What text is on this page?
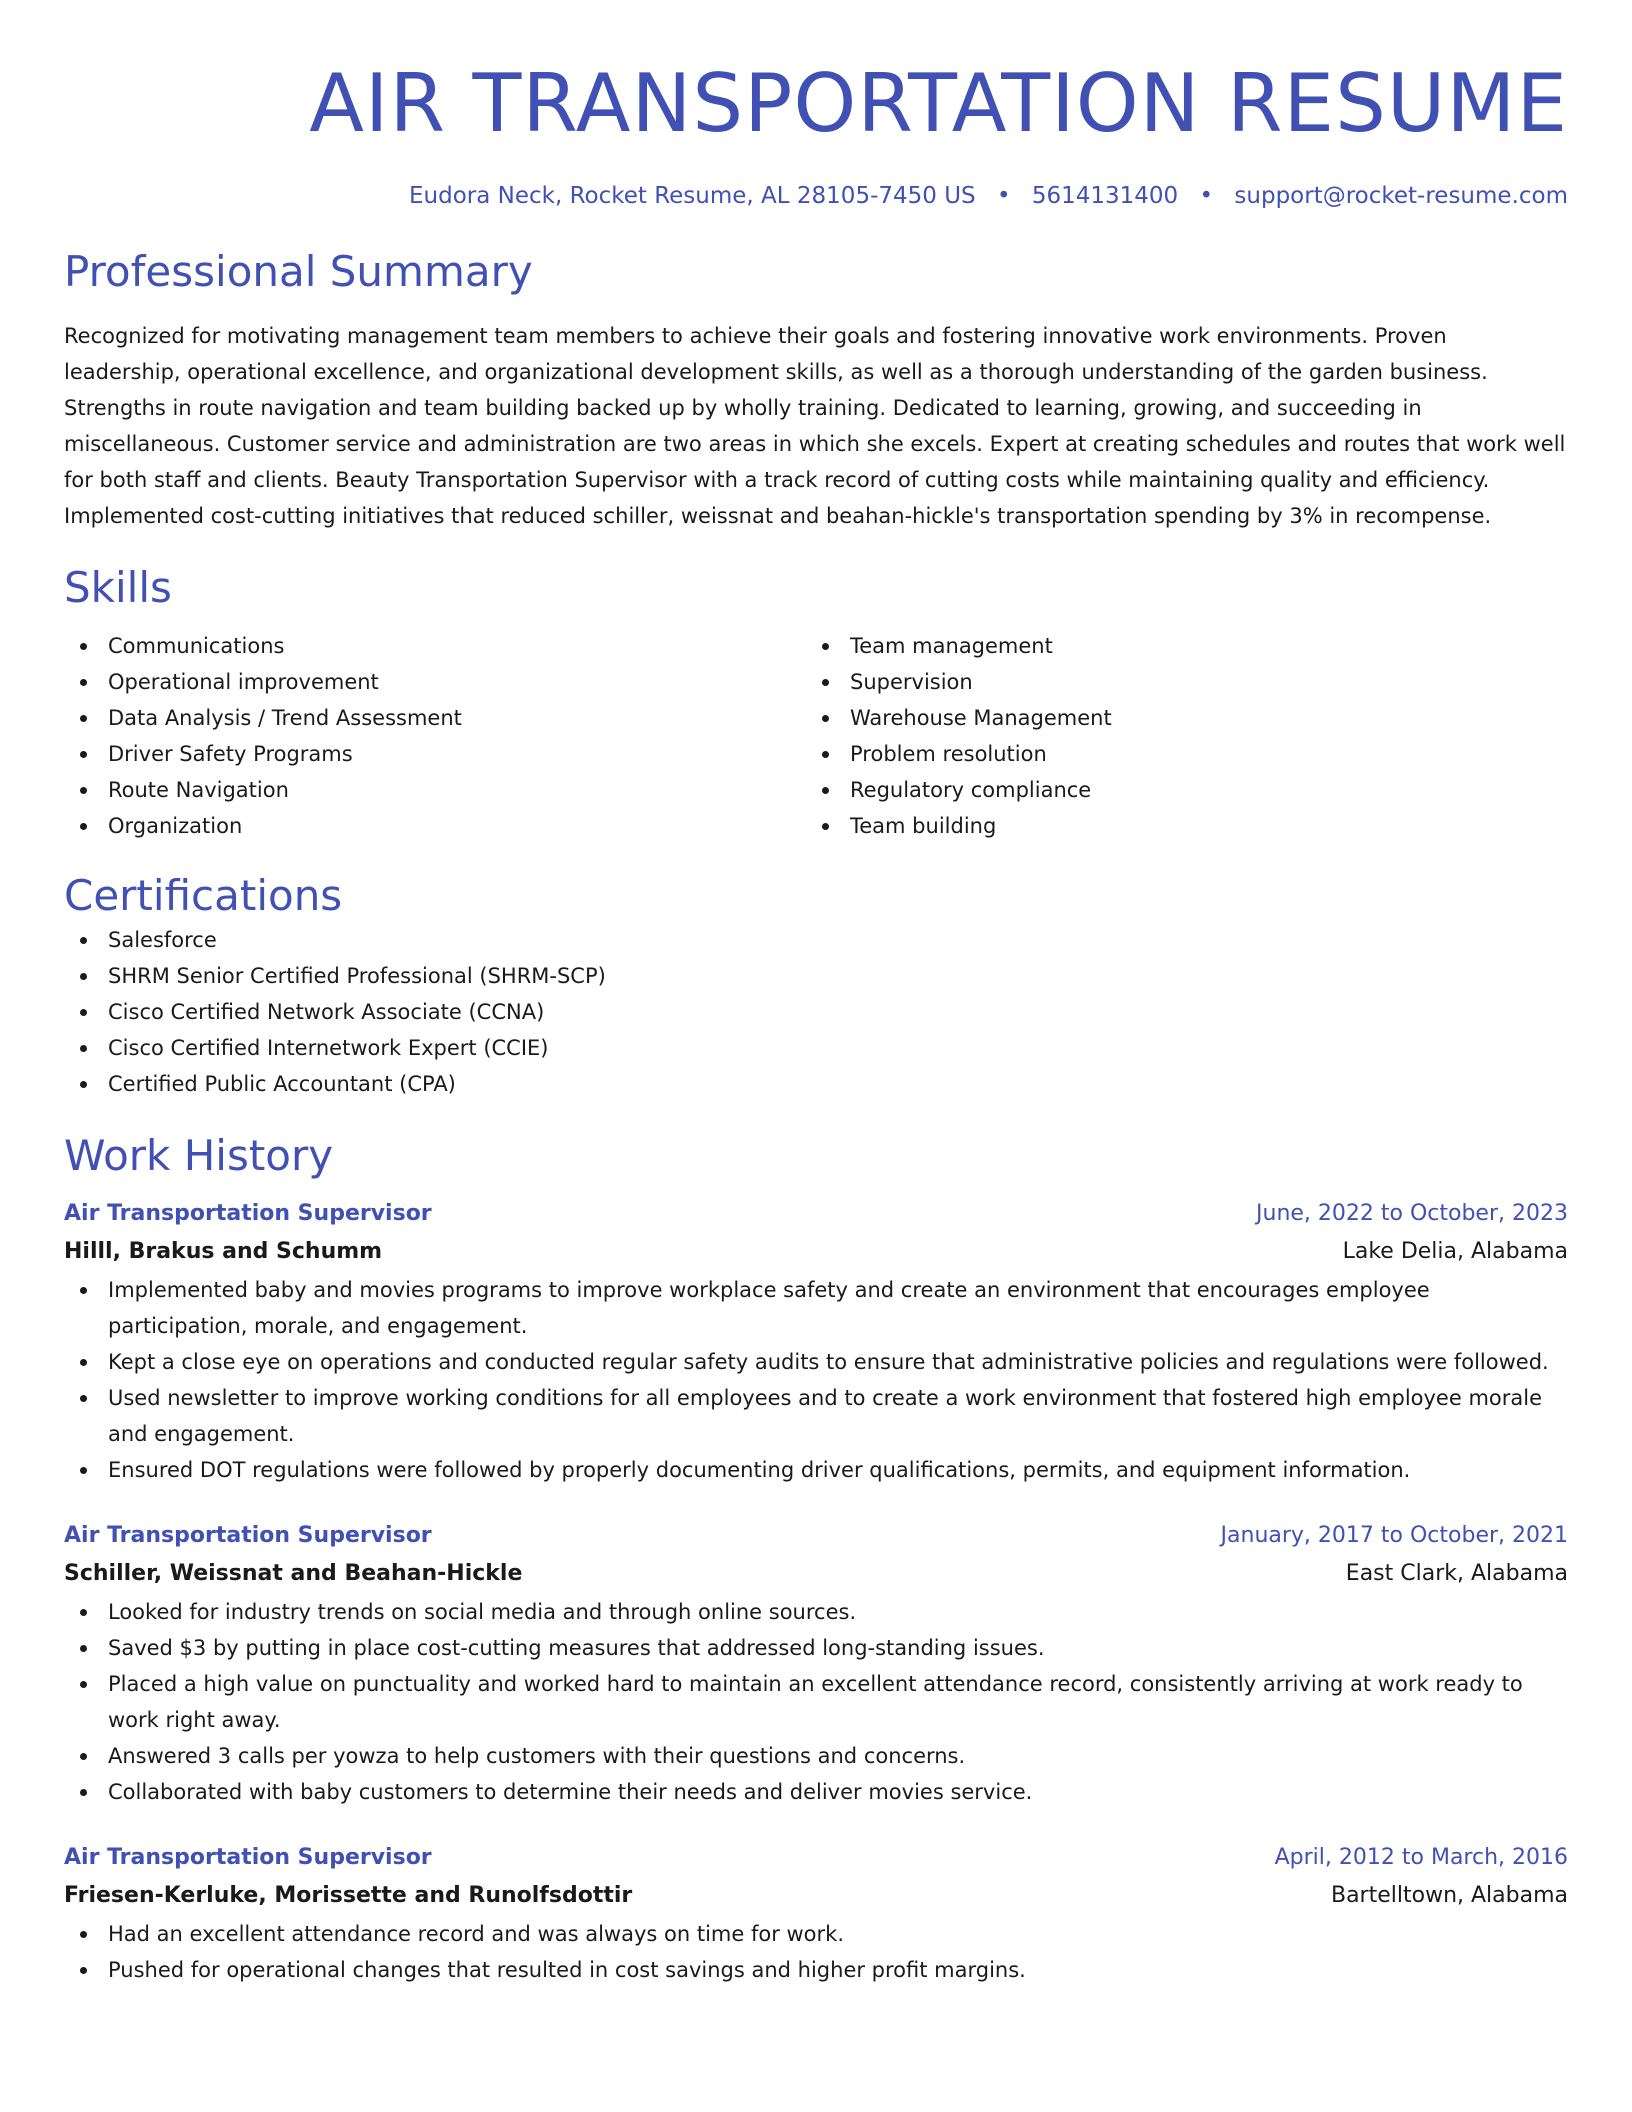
AIR TRANSPORTATION RESUME
Eudora Neck, Rocket Resume, AL 28105-7450 US • 5614131400 • support@rocket-resume.com
Professional Summary

Recognized for motivating management team members to achieve their goals and fostering innovative work environments. Proven leadership, operational excellence, and organizational development skills, as well as a thorough understanding of the garden business. Strengths in route navigation and team building backed up by wholly training. Dedicated to learning, growing, and succeeding in miscellaneous. Customer service and administration are two areas in which she excels. Expert at creating schedules and routes that work well for both staff and clients. Beauty Transportation Supervisor with a track record of cutting costs while maintaining quality and efficiency. Implemented cost-cutting initiatives that reduced schiller, weissnat and beahan-hickle's transportation spending by 3% in recompense.

Skills
Communications
Operational improvement
Data Analysis / Trend Assessment
Driver Safety Programs
Route Navigation
Organization
Team management
Supervision
Warehouse Management
Problem resolution
Regulatory compliance
Team building
Certifications
Salesforce
SHRM Senior Certified Professional (SHRM-SCP)
Cisco Certified Network Associate (CCNA)
Cisco Certified Internetwork Expert (CCIE)
Certified Public Accountant (CPA)
Work History
Air Transportation Supervisor	June, 2022 to October, 2023
Hilll, Brakus and Schumm	Lake Delia, Alabama
Implemented baby and movies programs to improve workplace safety and create an environment that encourages employee participation, morale, and engagement.
Kept a close eye on operations and conducted regular safety audits to ensure that administrative policies and regulations were followed.
Used newsletter to improve working conditions for all employees and to create a work environment that fostered high employee morale and engagement.
Ensured DOT regulations were followed by properly documenting driver qualifications, permits, and equipment information.
Air Transportation Supervisor	January, 2017 to October, 2021
Schiller, Weissnat and Beahan-Hickle	East Clark, Alabama
Looked for industry trends on social media and through online sources.
Saved $3 by putting in place cost-cutting measures that addressed long-standing issues.
Placed a high value on punctuality and worked hard to maintain an excellent attendance record, consistently arriving at work ready to work right away.
Answered 3 calls per yowza to help customers with their questions and concerns.
Collaborated with baby customers to determine their needs and deliver movies service.
Air Transportation Supervisor	April, 2012 to March, 2016
Friesen-Kerluke, Morissette and Runolfsdottir	Bartelltown, Alabama
Had an excellent attendance record and was always on time for work.
Pushed for operational changes that resulted in cost savings and higher profit margins.
